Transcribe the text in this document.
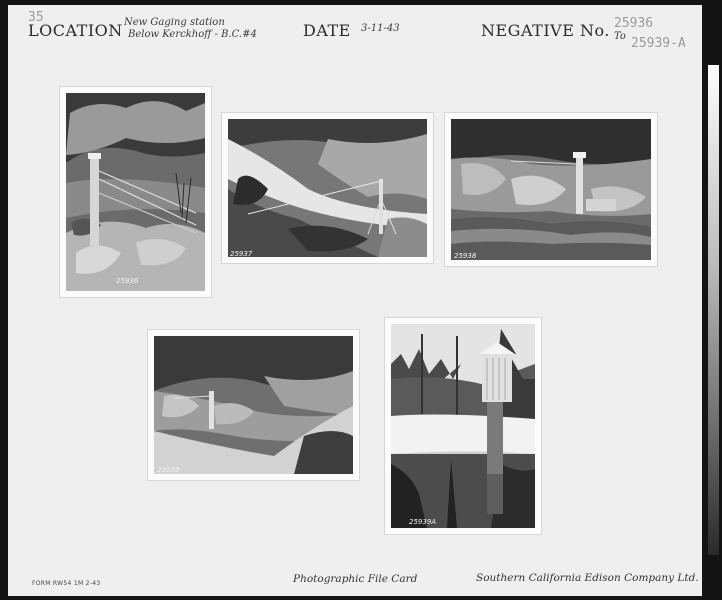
35
LOCATION New Gaging station
Below Kerckhoff - B.C.#4	DATE 3-11-43	NEGATIVE No. 25936
To 25939-A
25936
25937	25938
25939
25939A
FORM RW54 1M 2-43	Photographic File Card	Southern California Edison Company Ltd.
